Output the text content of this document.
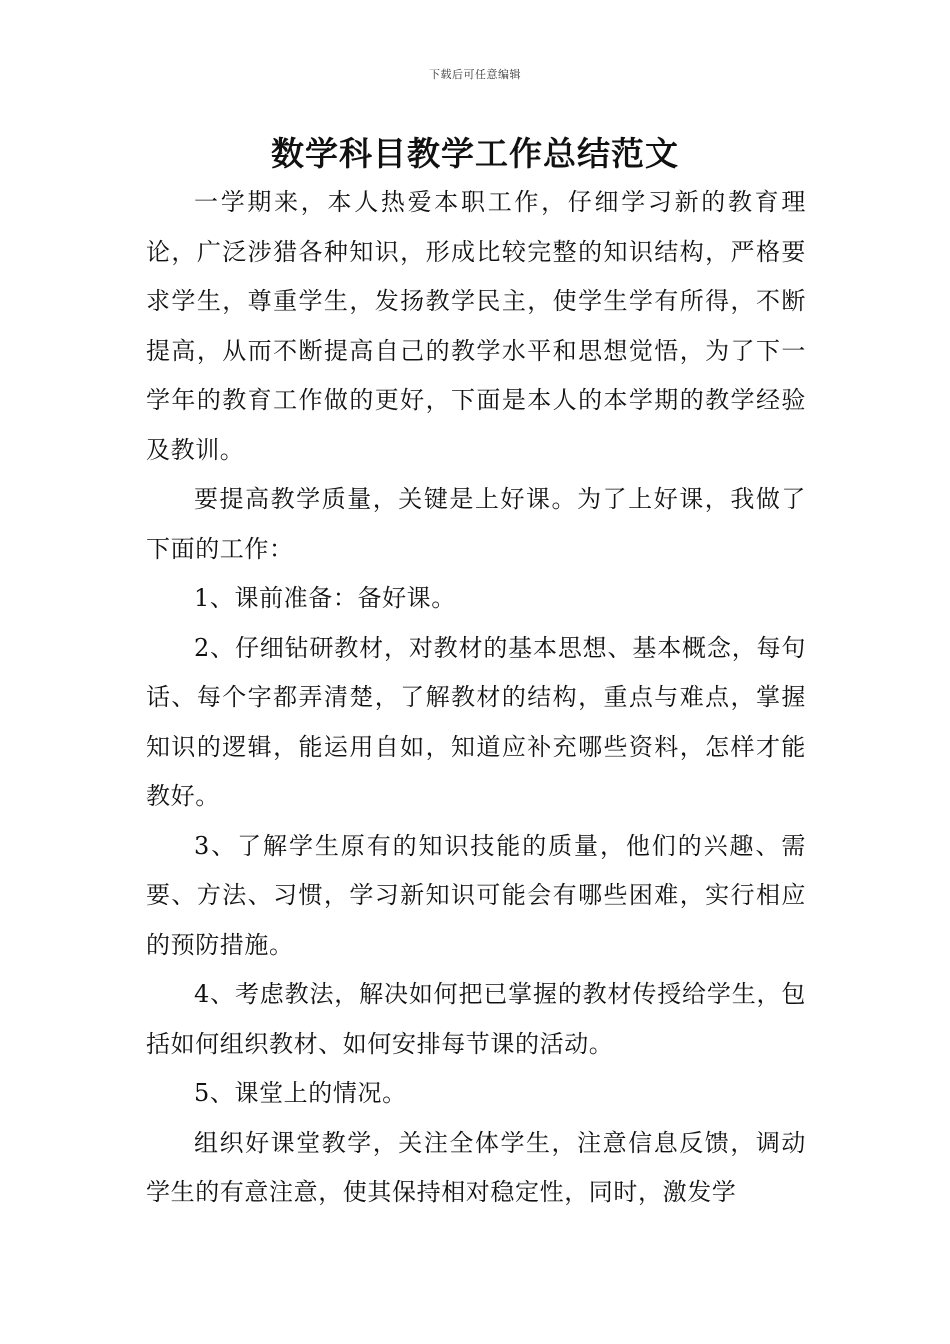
下载后可任意编辑
数学科目教学工作总结范文

一学期来，本人热爱本职工作，仔细学习新的教育理论，广泛涉猎各种知识，形成比较完整的知识结构，严格要求学生，尊重学生，发扬教学民主，使学生学有所得，不断提高，从而不断提高自己的教学水平和思想觉悟，为了下一学年的教育工作做的更好，下面是本人的本学期的教学经验及教训。

要提高教学质量，关键是上好课。为了上好课，我做了下面的工作：

1、课前准备：备好课。

2、仔细钻研教材，对教材的基本思想、基本概念，每句话、每个字都弄清楚，了解教材的结构，重点与难点，掌握知识的逻辑，能运用自如，知道应补充哪些资料，怎样才能教好。

3、了解学生原有的知识技能的质量，他们的兴趣、需要、方法、习惯，学习新知识可能会有哪些困难，实行相应的预防措施。

4、考虑教法，解决如何把已掌握的教材传授给学生，包括如何组织教材、如何安排每节课的活动。

5、课堂上的情况。

组织好课堂教学，关注全体学生，注意信息反馈，调动学生的有意注意，使其保持相对稳定性，同时，激发学
